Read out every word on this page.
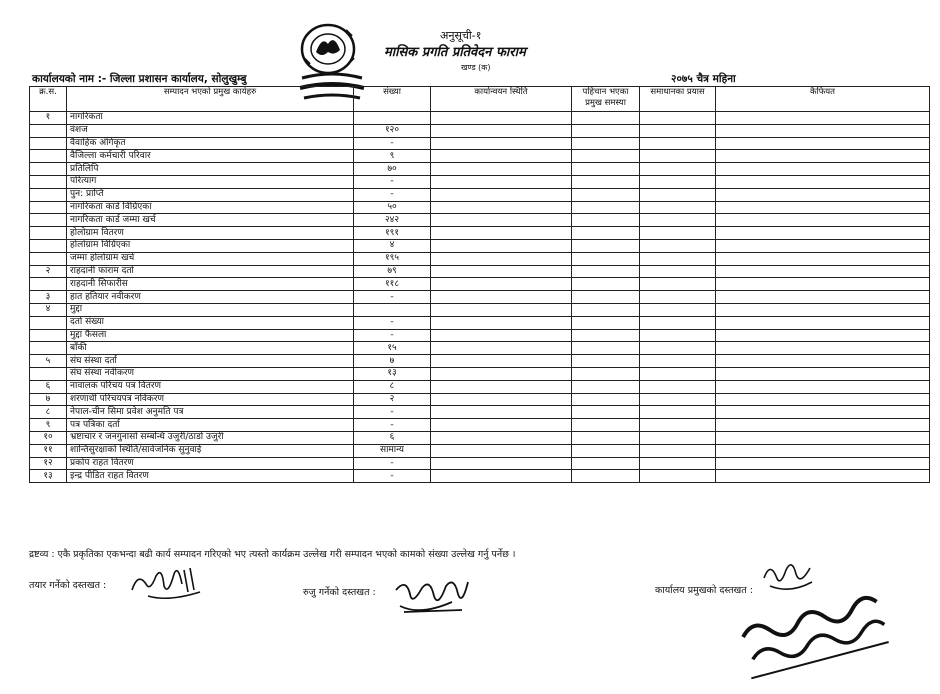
अनुसूची-१
मासिक प्रगति प्रतिवेदन फाराम
खण्ड (क)
कार्यालयको नाम :- जिल्ला प्रशासन कार्यालय, सोलुखुम्बु	२०७५ चैत्र महिना
क्र.स.	सम्पादन भएको प्रमुख कार्यहरु	संख्या	कार्यान्वयन स्थिति	पहिचान भएका प्रमुख समस्या	समाधानका प्रयास	कैफियत
१	नागरिकता					
	वंशज	१२०				
	वैवाहिक अंगिकृत	-				
	वैजिल्ला कर्मचारी परिवार	९				
	प्रतिलिपि	७०				
	परित्याग	-				
	पुन: प्राप्ति	-				
	नागरिकता कार्ड विग्रिएका	५०				
	नागरिकता कार्ड जम्मा खर्च	२४२				
	होलोग्राम वितरण	१९१				
	होलोग्राम विग्रिएका	४				
	जम्मा होलोग्राम खर्च	१९५				
२	राहदानी फाराम दर्ता	७९				
	राहदानी सिफारीस	११८				
३	हात हतियार नवीकरण	-				
४	मुद्दा					
	दर्ता संख्या	-				
	मुद्दा फैसला	-				
	बाँकी	१५				
५	संघ संस्था दर्ता	७				
	संघ संस्था नवीकरण	१३				
६	नावालक परिचय पत्र वितरण	८				
७	शरणार्थी परिचयपत्र नविकरण	२				
८	नेपाल-चीन सिमा प्रवेश अनुमति पत्र	-				
९	पत्र पत्रिका दर्ता	-				
१०	भ्रष्टाचार र जनगुनासो सम्बन्धि उजुरी/ठाडो उजुरी	६				
११	शान्तिसुरक्षाको स्थिति/सार्वजनिक सुनुवाई	सामान्य				
१२	प्रकोप राहत वितरण	-				
१३	इन्द्र पीडित राहत वितरण	-				
द्रष्टव्य : एकै प्रकृतिका एकभन्दा बढी कार्य सम्पादन गरिएको भए त्यस्तो कार्यक्रम उल्लेख गरी सम्पादन भएको कामको संख्या उल्लेख गर्नु पर्नेछ ।
तयार गर्नेको दस्तखत :
रुजु गर्नेको दस्तखत :	कार्यालय प्रमुखको दस्तखत :
